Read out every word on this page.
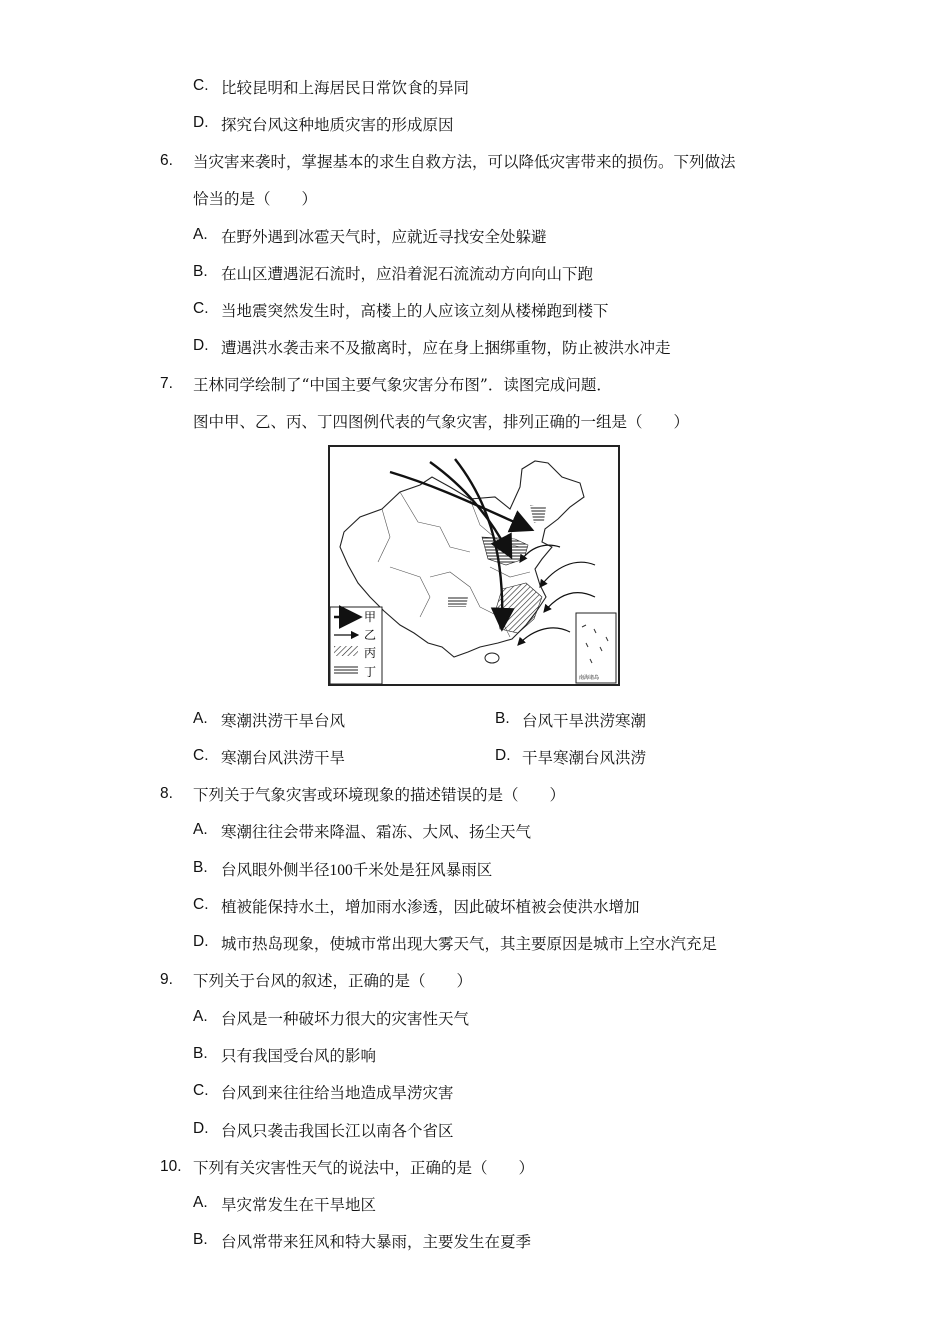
C. 比较昆明和上海居民日常饮食的异同
D. 探究台风这种地质灾害的形成原因
6. 当灾害来袭时，掌握基本的求生自救方法，可以降低灾害带来的损伤。下列做法
恰当的是（　　）
A. 在野外遇到冰雹天气时，应就近寻找安全处躲避
B. 在山区遭遇泥石流时，应沿着泥石流流动方向向山下跑
C. 当地震突然发生时，高楼上的人应该立刻从楼梯跑到楼下
D. 遭遇洪水袭击来不及撤离时，应在身上捆绑重物，防止被洪水冲走
7. 王林同学绘制了“中国主要气象灾害分布图”．读图完成问题．
图中甲、乙、丙、丁四图例代表的气象灾害，排列正确的一组是（　　）
甲
乙
丙
丁	南海诸岛
A. 寒潮洪涝干旱台风	B. 台风干旱洪涝寒潮
C. 寒潮台风洪涝干旱	D. 干旱寒潮台风洪涝
8. 下列关于气象灾害或环境现象的描述错误的是（　　）
A. 寒潮往往会带来降温、霜冻、大风、扬尘天气
B. 台风眼外侧半径100千米处是狂风暴雨区
C. 植被能保持水土，增加雨水渗透，因此破坏植被会使洪水增加
D. 城市热岛现象，使城市常出现大雾天气，其主要原因是城市上空水汽充足
9. 下列关于台风的叙述，正确的是（　　）
A. 台风是一种破坏力很大的灾害性天气
B. 只有我国受台风的影响
C. 台风到来往往给当地造成旱涝灾害
D. 台风只袭击我国长江以南各个省区
10. 下列有关灾害性天气的说法中，正确的是（　　）
A. 旱灾常发生在干旱地区
B. 台风常带来狂风和特大暴雨，主要发生在夏季
